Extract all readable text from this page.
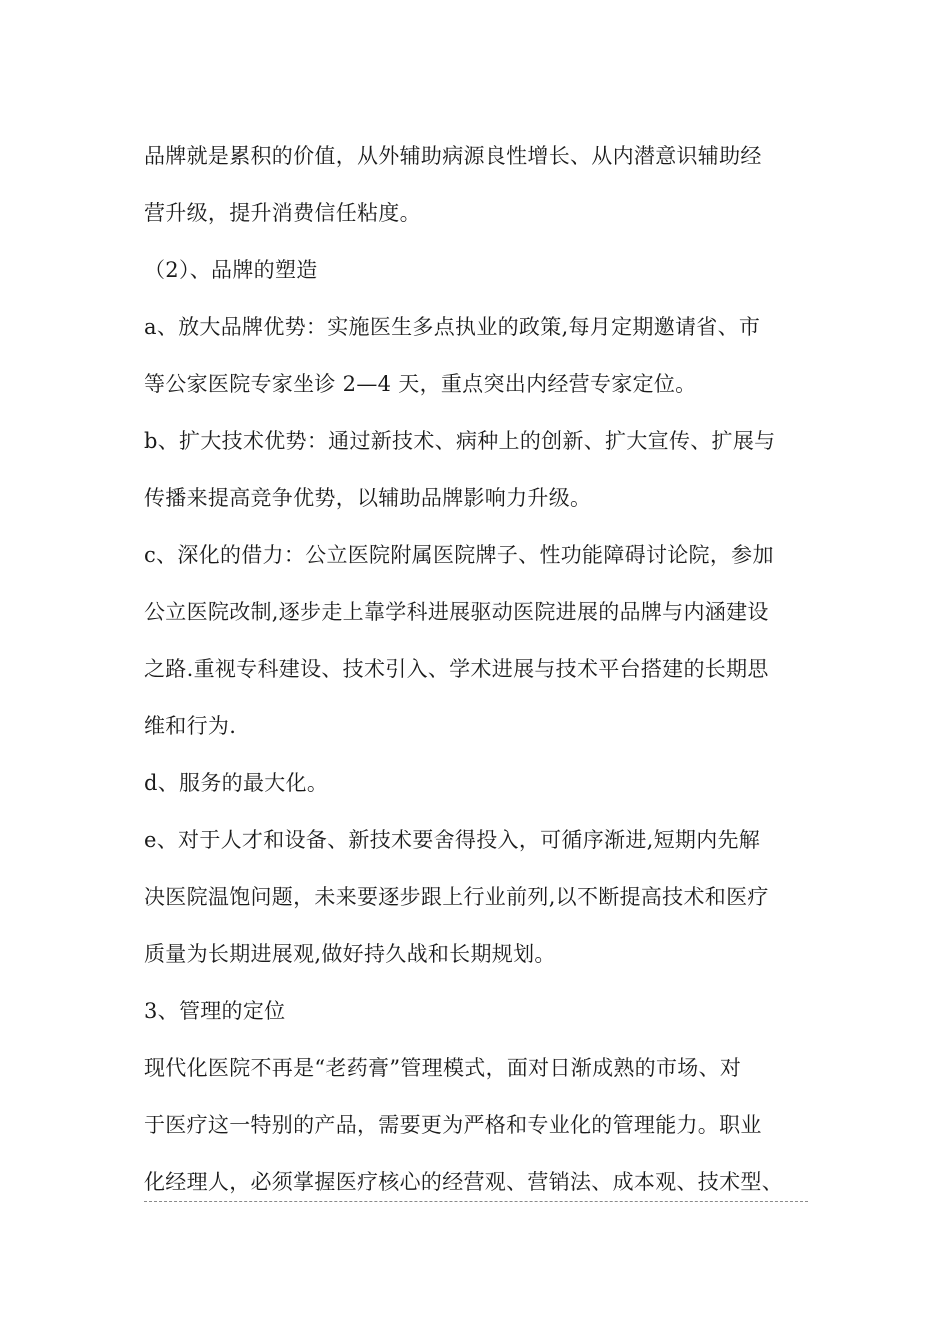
品牌就是累积的价值，从外辅助病源良性增长、从内潜意识辅助经
营升级，提升消费信任粘度。
（2）、品牌的塑造
a、放大品牌优势：实施医生多点执业的政策,每月定期邀请省、市
等公家医院专家坐诊 2—4 天，重点突出内经营专家定位。
b、扩大技术优势：通过新技术、病种上的创新、扩大宣传、扩展与
传播来提高竞争优势，以辅助品牌影响力升级。
c、深化的借力：公立医院附属医院牌子、性功能障碍讨论院，参加
公立医院改制,逐步走上靠学科进展驱动医院进展的品牌与内涵建设
之路.重视专科建设、技术引入、学术进展与技术平台搭建的长期思
维和行为.
d、服务的最大化。
e、对于人才和设备、新技术要舍得投入，可循序渐进,短期内先解
决医院温饱问题，未来要逐步跟上行业前列,以不断提高技术和医疗
质量为长期进展观,做好持久战和长期规划。
3、管理的定位
现代化医院不再是“老药膏”管理模式，面对日渐成熟的市场、对
于医疗这一特别的产品，需要更为严格和专业化的管理能力。职业
化经理人，必须掌握医疗核心的经营观、营销法、成本观、技术型、
